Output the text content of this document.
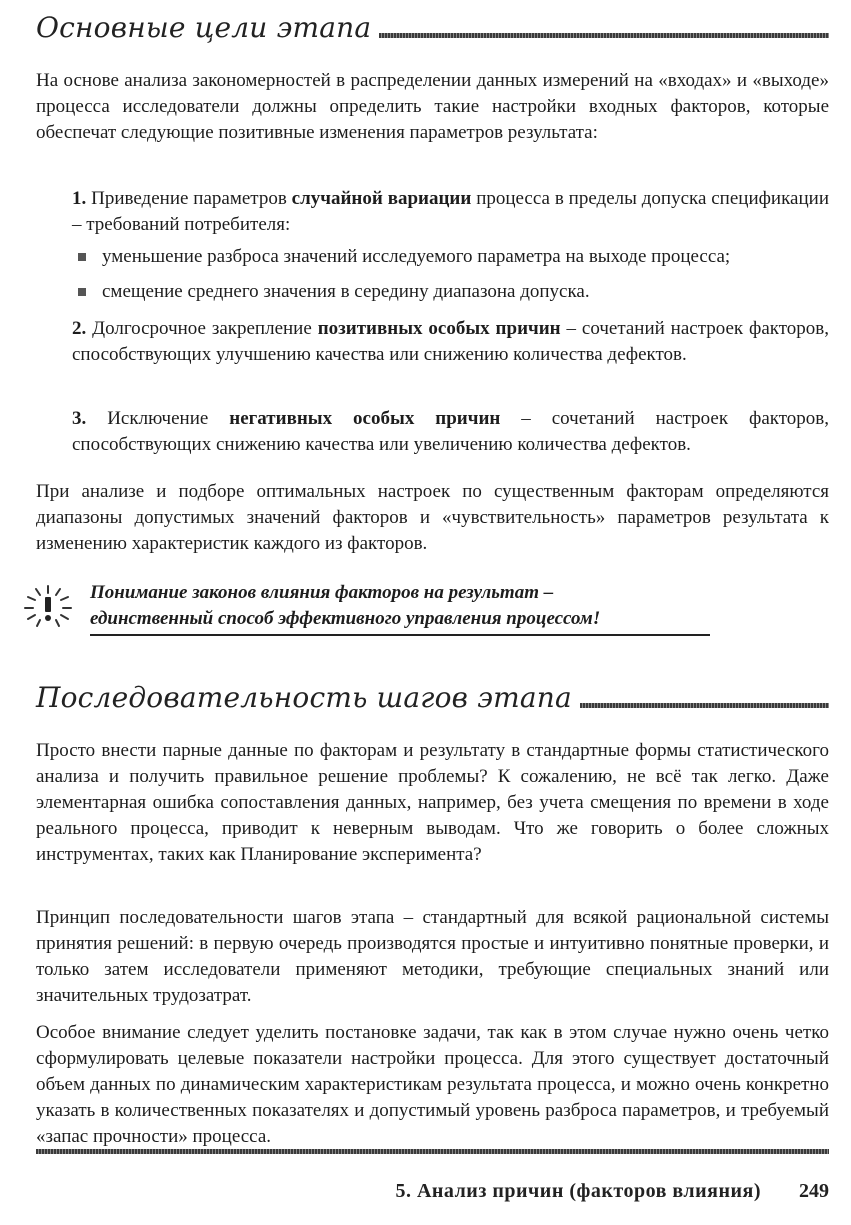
Основные цели этапа

На основе анализа закономерностей в распределении данных измерений на «входах» и «выходе» процесса исследователи должны определить такие настройки входных факторов, которые обеспечат следующие позитивные изменения параметров результата:

1. Приведение параметров случайной вариации процесса в пределы допуска спецификации – требований потребителя:

уменьшение разброса значений исследуемого параметра на выходе процесса;
смещение среднего значения в середину диапазона допуска.

2. Долгосрочное закрепление позитивных особых причин – сочетаний настроек факторов, способствующих улучшению качества или снижению количества дефектов.

3. Исключение негативных особых причин – сочетаний настроек факторов, способствующих снижению качества или увеличению количества дефектов.

При анализе и подборе оптимальных настроек по существенным факторам определяются диапазоны допустимых значений факторов и «чувствительность» параметров результата к изменению характеристик каждого из факторов.

Понимание законов влияния факторов на результат –
единственный способ эффективного управления процессом!
Последовательность шагов этапа

Просто внести парные данные по факторам и результату в стандартные формы статистического анализа и получить правильное решение проблемы? К сожалению, не всё так легко. Даже элементарная ошибка сопоставления данных, например, без учета смещения по времени в ходе реального процесса, приводит к неверным выводам. Что же говорить о более сложных инструментах, таких как Планирование эксперимента?

Принцип последовательности шагов этапа – стандартный для всякой рациональной системы принятия решений: в первую очередь производятся простые и интуитивно понятные проверки, и только затем исследователи применяют методики, требующие специальных знаний или значительных трудозатрат.

Особое внимание следует уделить постановке задачи, так как в этом случае нужно очень четко сформулировать целевые показатели настройки процесса. Для этого существует достаточный объем данных по динамическим характеристикам результата процесса, и можно очень конкретно указать в количественных показателях и допустимый уровень разброса параметров, и требуемый «запас прочности» процесса.

5. Анализ причин (факторов влияния) 249
